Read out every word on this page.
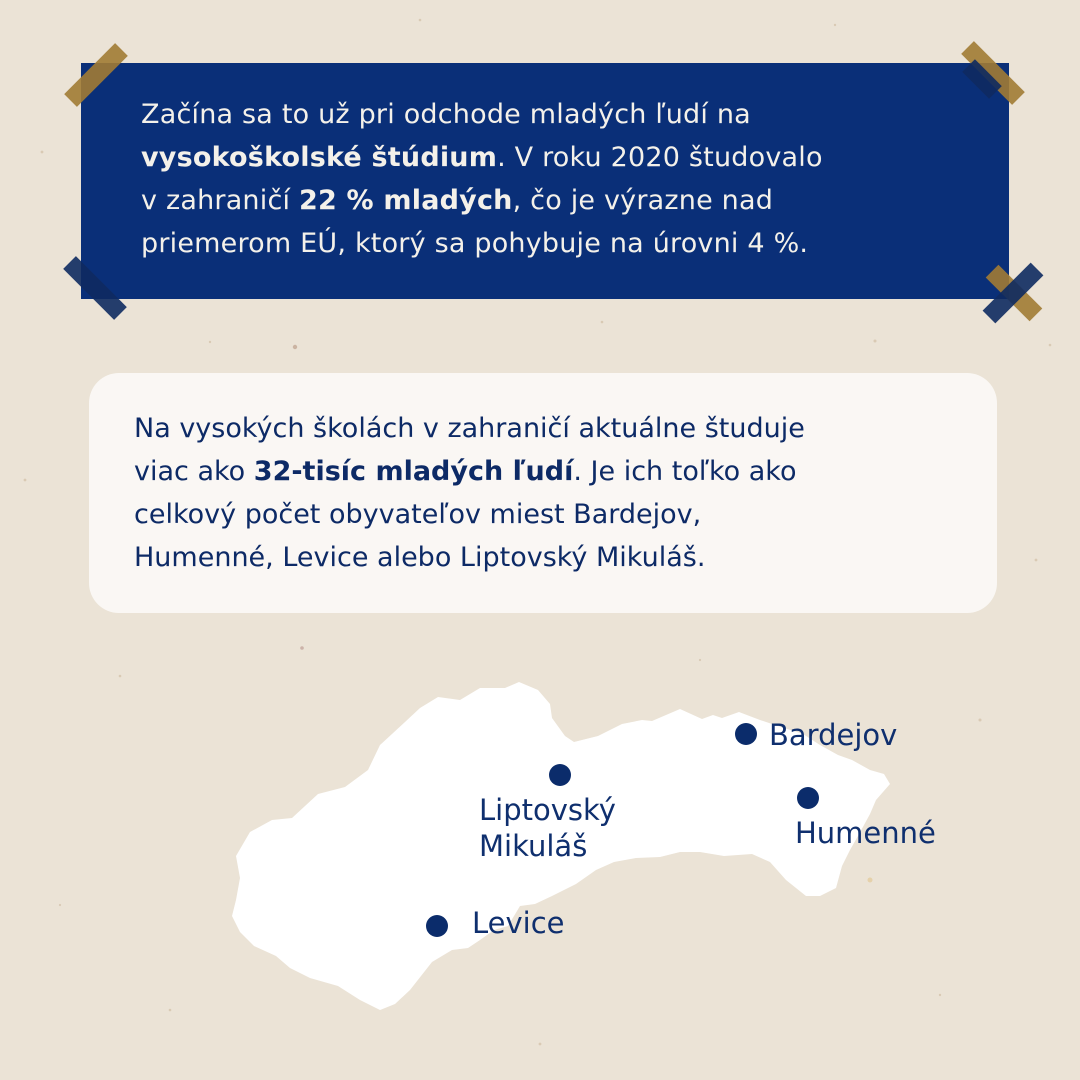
Začína sa to už pri odchode mladých ľudí na
vysokoškolské štúdium. V roku 2020 študovalo
v zahraničí 22 % mladých, čo je výrazne nad
priemerom EÚ, ktorý sa pohybuje na úrovni 4 %.

Na vysokých školách v zahraničí aktuálne študuje
viac ako 32-tisíc mladých ľudí. Je ich toľko ako
celkový počet obyvateľov miest Bardejov,
Humenné, Levice alebo Liptovský Mikuláš.

Bardejov
Humenné
Liptovský
Mikuláš
Levice
